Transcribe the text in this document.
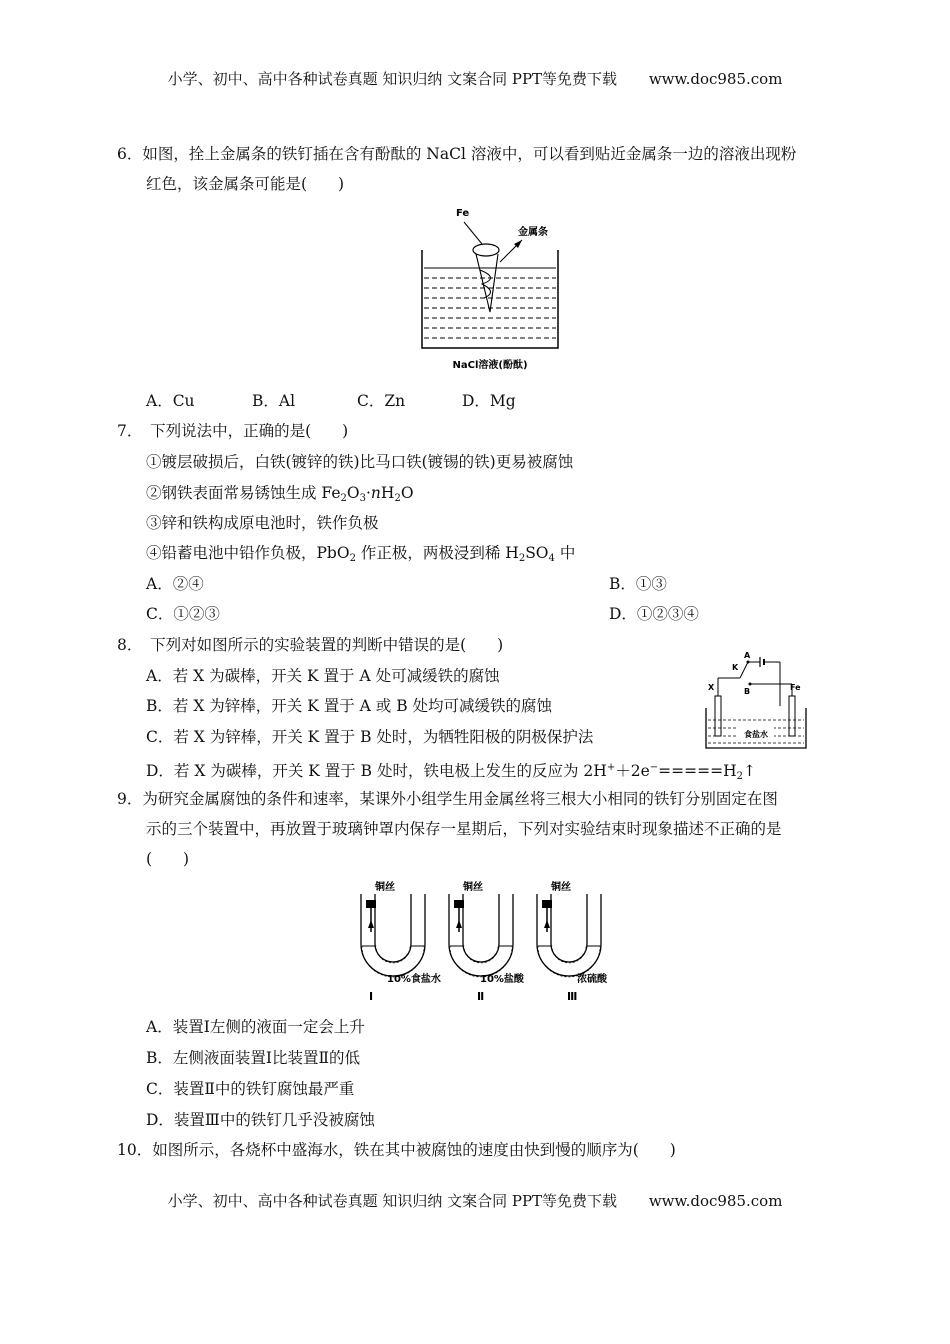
小学、初中、高中各种试卷真题 知识归纳 文案合同 PPT等免费下载 www.doc985.com
6．如图，拴上金属条的铁钉插在含有酚酞的 NaCl 溶液中，可以看到贴近金属条一边的溶液出现粉
红色，该金属条可能是(　　)
Fe
金属条
NaCl溶液(酚酞)
A．Cu	B．Al	C．Zn	D．Mg
7．　下列说法中，正确的是(　　)
①镀层破损后，白铁(镀锌的铁)比马口铁(镀锡的铁)更易被腐蚀
②钢铁表面常易锈蚀生成 $Fe_2O_3\cdot nH_2O$
③锌和铁构成原电池时，铁作负极
④铅蓄电池中铅作负极，PbO$_2$ 作正极，两极浸到稀 $H_2SO_4$ 中
A．②④	B．①③
C．①②③	D．①②③④
8．　下列对如图所示的实验装置的判断中错误的是(　　)
A．若 X 为碳棒，开关 K 置于 A 处可减缓铁的腐蚀
B．若 X 为锌棒，开关 K 置于 A 或 B 处均可减缓铁的腐蚀
C．若 X 为锌棒，开关 K 置于 B 处时，为牺牲阳极的阴极保护法
D．若 X 为碳棒，开关 K 置于 B 处时，铁电极上发生的反应为 $2H^++2e^-=====H_2↑$
A
K
B
X	Fe
食盐水
9．为研究金属腐蚀的条件和速率，某课外小组学生用金属丝将三根大小相同的铁钉分别固定在图
示的三个装置中，再放置于玻璃钟罩内保存一星期后，下列对实验结束时现象描述不正确的是
(　　)
铜丝	铜丝	铜丝
10%食盐水	10%盐酸	浓硫酸
Ⅰ	Ⅱ	Ⅲ
A．装置Ⅰ左侧的液面一定会上升
B．左侧液面装置Ⅰ比装置Ⅱ的低
C．装置Ⅱ中的铁钉腐蚀最严重
D．装置Ⅲ中的铁钉几乎没被腐蚀
10．如图所示，各烧杯中盛海水，铁在其中被腐蚀的速度由快到慢的顺序为(　　)
小学、初中、高中各种试卷真题 知识归纳 文案合同 PPT等免费下载 www.doc985.com
